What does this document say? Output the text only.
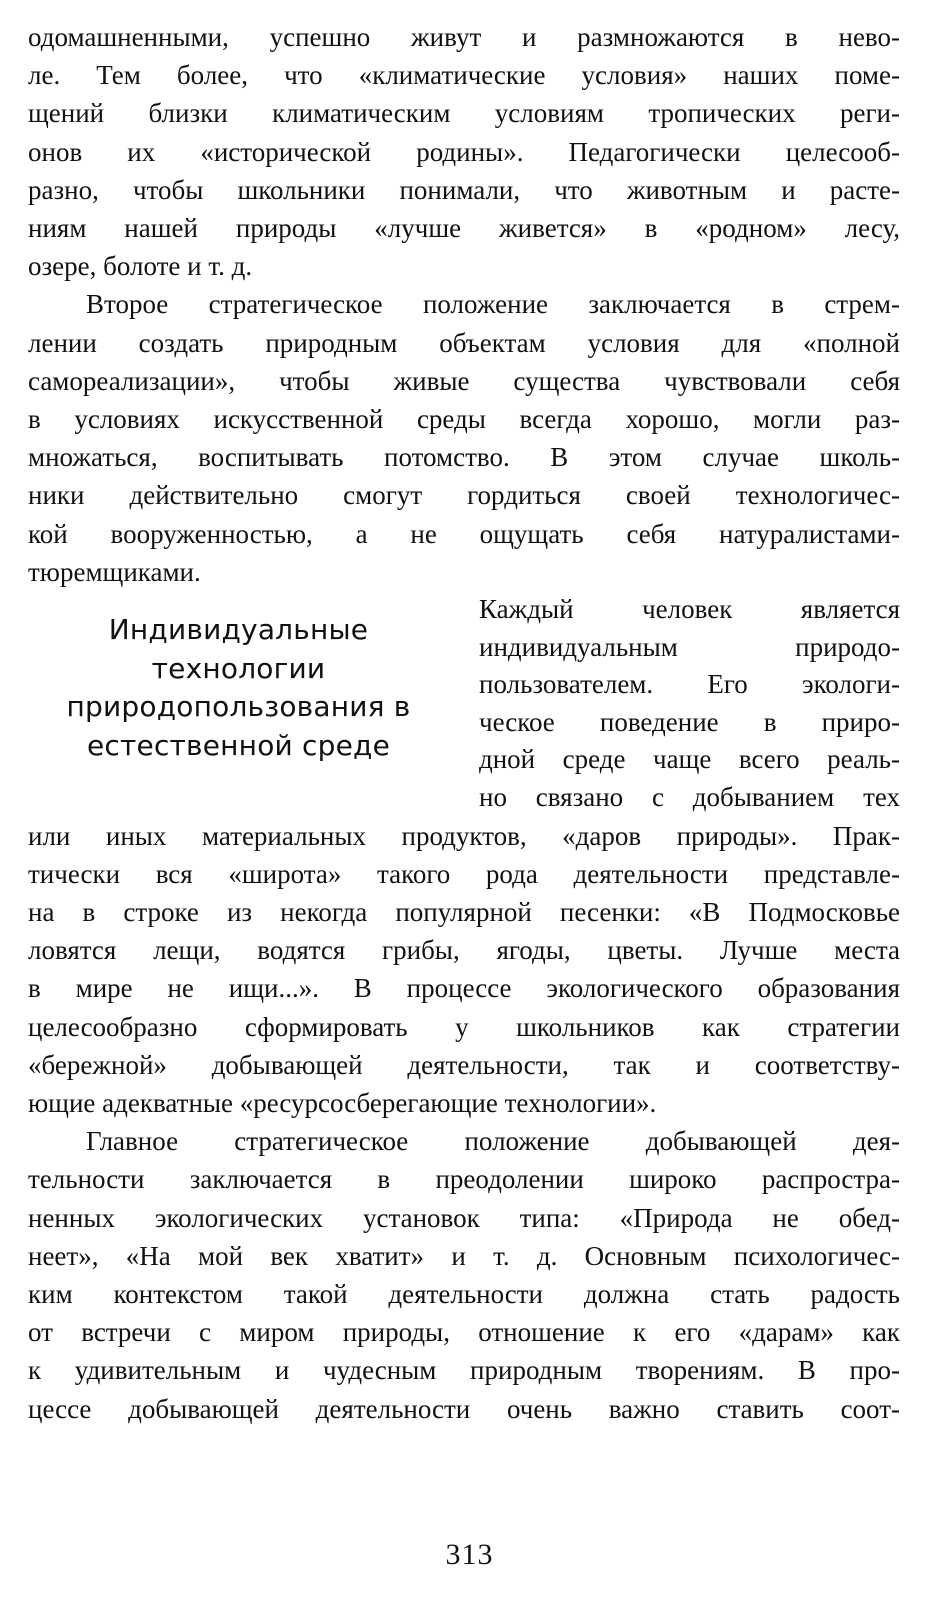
одомашненными, успешно живут и размножаются в нево-

ле. Тем более, что «климатические условия» наших поме-

щений близки климатическим условиям тропических реги-

онов их «исторической родины». Педагогически целесооб-

разно, чтобы школьники понимали, что животным и расте-

ниям нашей природы «лучше живется» в «родном» лесу,

озере, болоте и т. д.

Второе стратегическое положение заключается в стрем-

лении создать природным объектам условия для «полной

самореализации», чтобы живые существа чувствовали себя

в условиях искусственной среды всегда хорошо, могли раз-

множаться, воспитывать потомство. В этом случае школь-

ники действительно смогут гордиться своей технологичес-

кой вооруженностью, а не ощущать себя натуралистами-

тюремщиками.

Индивидуальные
технологии
природопользования в
естественной среде

Каждый человек является

индивидуальным природо-

пользователем. Его экологи-

ческое поведение в приро-

дной среде чаще всего реаль-

но связано с добыванием тех

или иных материальных продуктов, «даров природы». Прак-

тически вся «широта» такого рода деятельности представле-

на в строке из некогда популярной песенки: «В Подмосковье

ловятся лещи, водятся грибы, ягоды, цветы. Лучше места

в мире не ищи...». В процессе экологического образования

целесообразно сформировать у школьников как стратегии

«бережной» добывающей деятельности, так и соответству-

ющие адекватные «ресурсосберегающие технологии».

Главное стратегическое положение добывающей дея-

тельности заключается в преодолении широко распростра-

ненных экологических установок типа: «Природа не обед-

неет», «На мой век хватит» и т. д. Основным психологичес-

ким контекстом такой деятельности должна стать радость

от встречи с миром природы, отношение к его «дарам» как

к удивительным и чудесным природным творениям. В про-

цессе добывающей деятельности очень важно ставить соот-

313
